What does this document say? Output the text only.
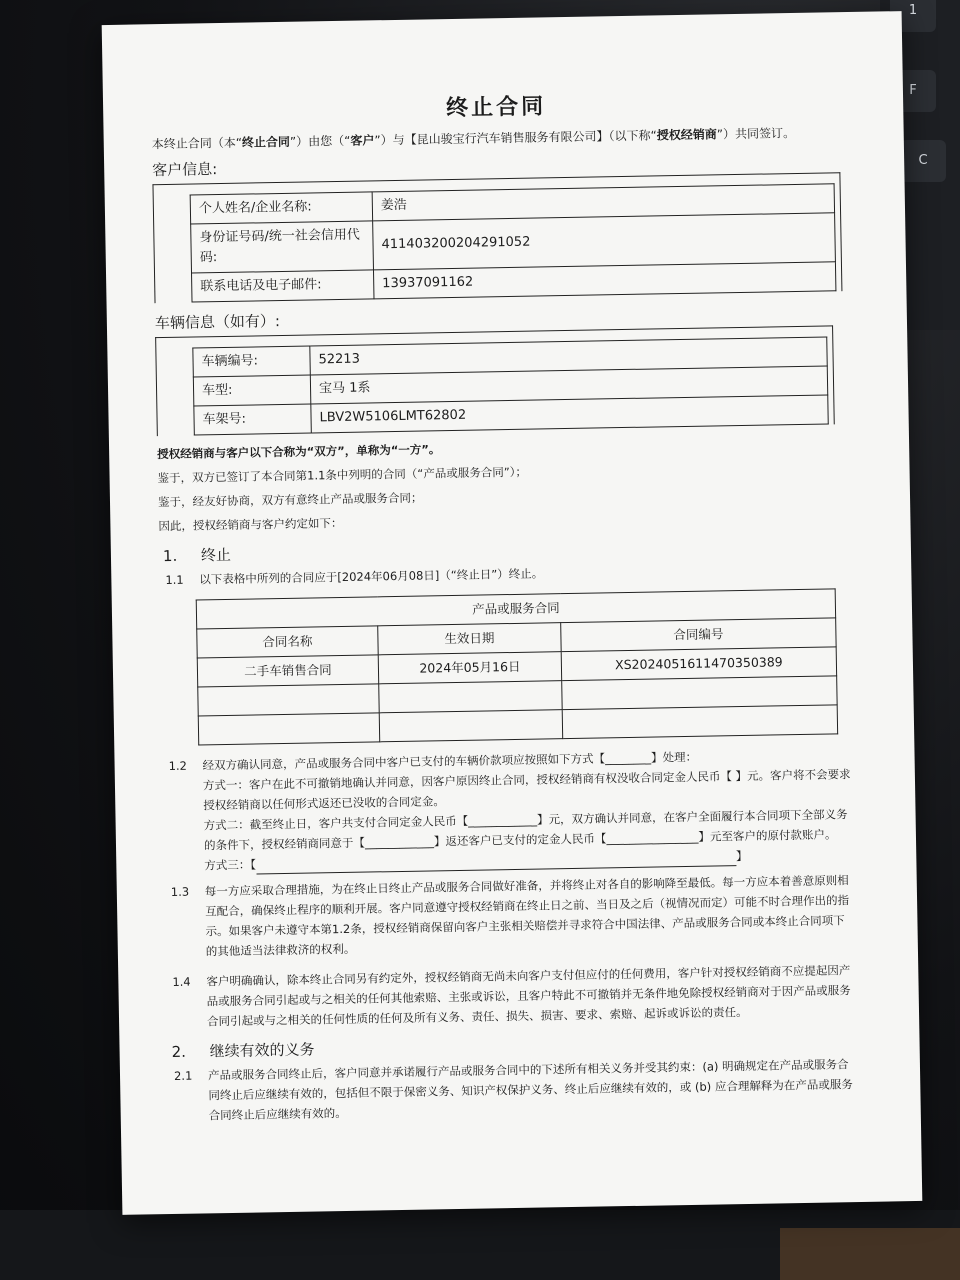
1
F
C
终止合同
本终止合同（本“终止合同”）由您（“客户”）与【昆山骏宝行汽车销售服务有限公司】（以下称“授权经销商”）共同签订。
客户信息:
个人姓名/企业名称:	姜浩
身份证号码/统一社会信用代码:	411403200204291052
联系电话及电子邮件:	13937091162
车辆信息（如有）:
车辆编号:	52213
车型:	宝马 1系
车架号:	LBV2W5106LMT62802
授权经销商与客户以下合称为“双方”，单称为“一方”。
鉴于，双方已签订了本合同第1.1条中列明的合同（“产品或服务合同”）；
鉴于，经友好协商，双方有意终止产品或服务合同；
因此，授权经销商与客户约定如下：
1. 终止
1.1	以下表格中所列的合同应于[2024年06月08日]（“终止日”）终止。
产品或服务合同		
合同名称	生效日期	合同编号
二手车销售合同	2024年05月16日	XS2024051611470350389

1.2	经双方确认同意，产品或服务合同中客户已支付的车辆价款项应按照如下方式【________】处理：
方式一：客户在此不可撤销地确认并同意，因客户原因终止合同，授权经销商有权没收合同定金人民币【 】元。客户将不会要求授权经销商以任何形式返还已没收的合同定金。
方式二：截至终止日，客户共支付合同定金人民币【____________】元，双方确认并同意，在客户全面履行本合同项下全部义务的条件下，授权经销商同意于【____________】返还客户已支付的定金人民币【________________】元至客户的原付款账户。
方式三：【】
1.3	每一方应采取合理措施，为在终止日终止产品或服务合同做好准备，并将终止对各自的影响降至最低。每一方应本着善意原则相互配合，确保终止程序的顺利开展。客户同意遵守授权经销商在终止日之前、当日及之后（视情况而定）可能不时合理作出的指示。如果客户未遵守本第1.2条，授权经销商保留向客户主张相关赔偿并寻求符合中国法律、产品或服务合同或本终止合同项下的其他适当法律救济的权利。
1.4	客户明确确认，除本终止合同另有约定外，授权经销商无尚未向客户支付但应付的任何费用，客户针对授权经销商不应提起因产品或服务合同引起或与之相关的任何其他索赔、主张或诉讼，且客户特此不可撤销并无条件地免除授权经销商对于因产品或服务合同引起或与之相关的任何性质的任何及所有义务、责任、损失、损害、要求、索赔、起诉或诉讼的责任。
2. 继续有效的义务
2.1	产品或服务合同终止后，客户同意并承诺履行产品或服务合同中的下述所有相关义务并受其约束：(a) 明确规定在产品或服务合同终止后应继续有效的，包括但不限于保密义务、知识产权保护义务、终止后应继续有效的，或 (b) 应合理解释为在产品或服务合同终止后应继续有效的。
